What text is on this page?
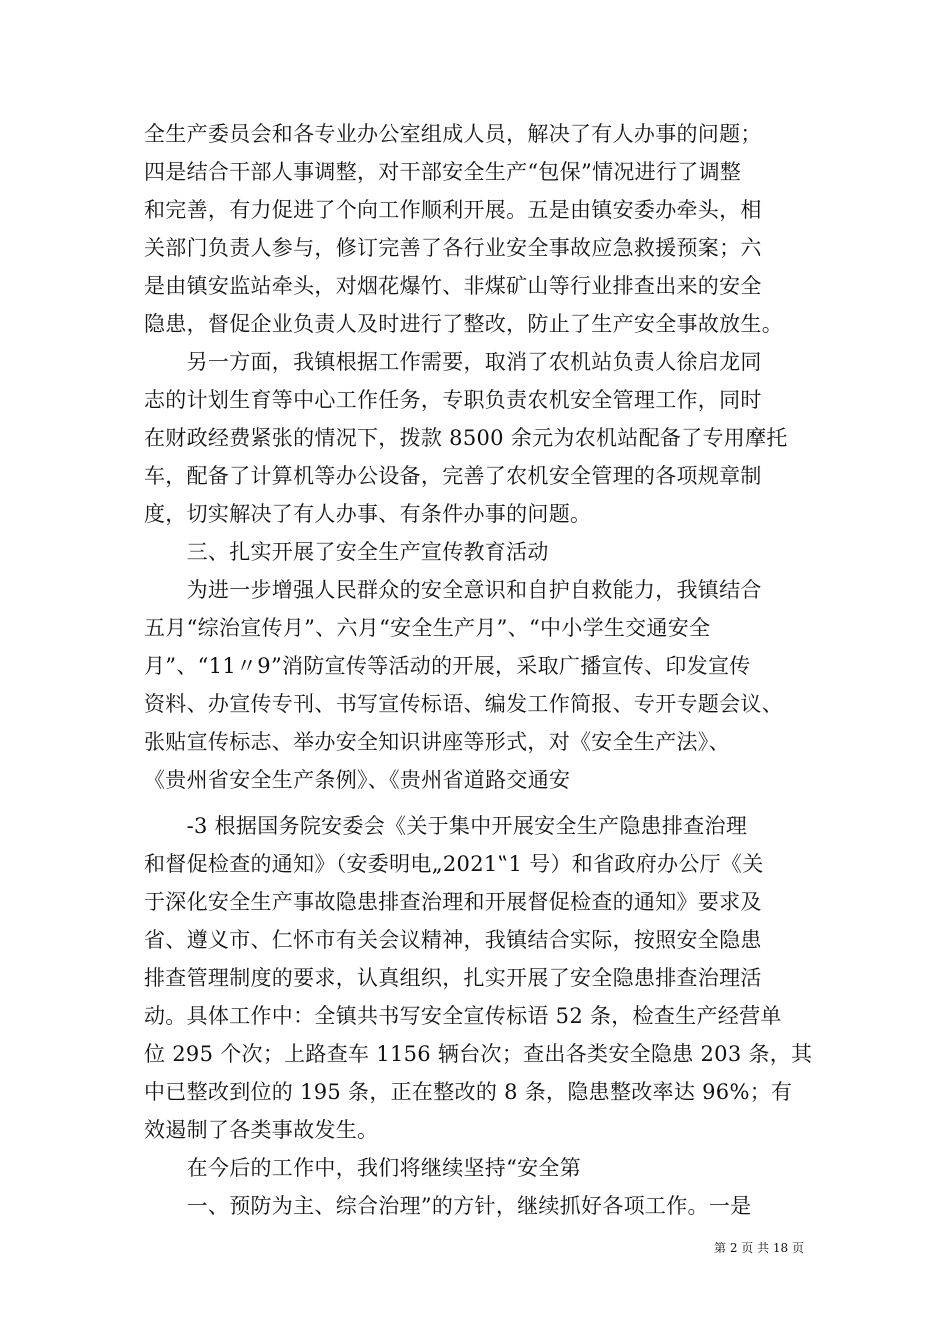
全生产委员会和各专业办公室组成人员，解决了有人办事的问题；
四是结合干部人事调整，对干部安全生产“包保”情况进行了调整
和完善，有力促进了个向工作顺利开展。五是由镇安委办牵头，相
关部门负责人参与，修订完善了各行业安全事故应急救援预案；六
是由镇安监站牵头，对烟花爆竹、非煤矿山等行业排查出来的安全
隐患，督促企业负责人及时进行了整改，防止了生产安全事故放生。
　　另一方面，我镇根据工作需要，取消了农机站负责人徐启龙同
志的计划生育等中心工作任务，专职负责农机安全管理工作，同时
在财政经费紧张的情况下，拨款 8500 余元为农机站配备了专用摩托
车，配备了计算机等办公设备，完善了农机安全管理的各项规章制
度，切实解决了有人办事、有条件办事的问题。
　　三、扎实开展了安全生产宣传教育活动
　　为进一步增强人民群众的安全意识和自护自救能力，我镇结合
五月“综治宣传月”、六月“安全生产月”、“中小学生交通安全
月”、“11〃9”消防宣传等活动的开展，采取广播宣传、印发宣传
资料、办宣传专刊、书写宣传标语、编发工作简报、专开专题会议、
张贴宣传标志、举办安全知识讲座等形式，对《安全生产法》、
《贵州省安全生产条例》、《贵州省道路交通安
　　-3 根据国务院安委会《关于集中开展安全生产隐患排查治理
和督促检查的通知》（安委明电„2021‟1 号）和省政府办公厅《关
于深化安全生产事故隐患排查治理和开展督促检查的通知》要求及
省、遵义市、仁怀市有关会议精神，我镇结合实际，按照安全隐患
排查管理制度的要求，认真组织，扎实开展了安全隐患排查治理活
动。具体工作中：全镇共书写安全宣传标语 52 条，检查生产经营单
位 295 个次；上路查车 1156 辆台次；查出各类安全隐患 203 条，其
中已整改到位的 195 条，正在整改的 8 条，隐患整改率达 96%；有
效遏制了各类事故发生。
　　在今后的工作中，我们将继续坚持“安全第
　　一、预防为主、综合治理”的方针，继续抓好各项工作。一是
第 2 页 共 18 页
